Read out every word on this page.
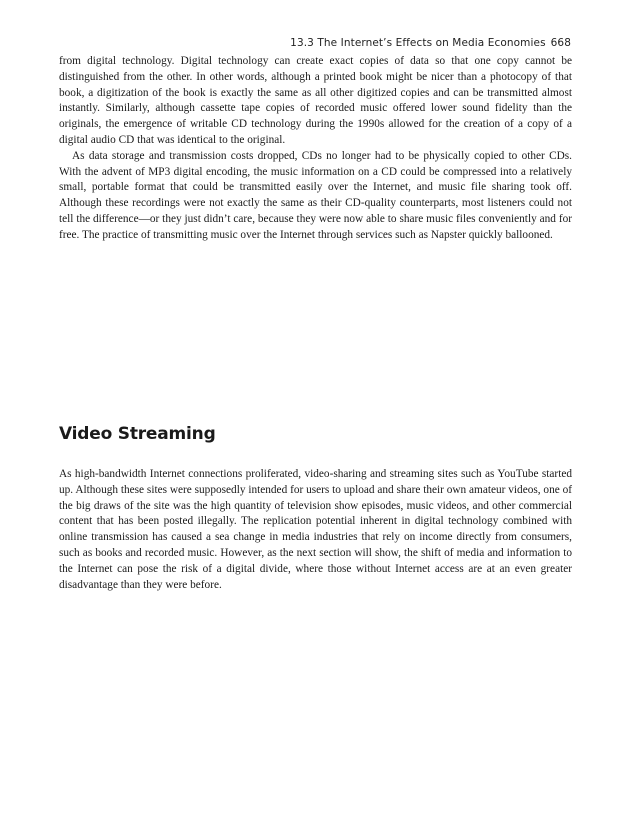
13.3 The Internet’s Effects on Media Economies 668

from digital technology. Digital technology can create exact copies of data so that one copy cannot be distinguished from the other. In other words, although a printed book might be nicer than a photocopy of that book, a digitization of the book is exactly the same as all other digitized copies and can be transmitted almost instantly. Similarly, although cassette tape copies of recorded music offered lower sound fidelity than the originals, the emergence of writable CD technology during the 1990s allowed for the creation of a copy of a digital audio CD that was identical to the original.

As data storage and transmission costs dropped, CDs no longer had to be physically copied to other CDs. With the advent of MP3 digital encoding, the music information on a CD could be compressed into a relatively small, portable format that could be transmitted easily over the Internet, and music file sharing took off. Although these recordings were not exactly the same as their CD-quality counterparts, most listeners could not tell the difference—or they just didn’t care, because they were now able to share music files conveniently and for free. The practice of transmitting music over the Internet through services such as Napster quickly ballooned.

Video Streaming

As high-bandwidth Internet connections proliferated, video-sharing and streaming sites such as YouTube started up. Although these sites were supposedly intended for users to upload and share their own amateur videos, one of the big draws of the site was the high quantity of television show episodes, music videos, and other commercial content that has been posted illegally. The replication potential inherent in digital technology combined with online transmission has caused a sea change in media industries that rely on income directly from consumers, such as books and recorded music. However, as the next section will show, the shift of media and information to the Internet can pose the risk of a digital divide, where those without Internet access are at an even greater disadvantage than they were before.
